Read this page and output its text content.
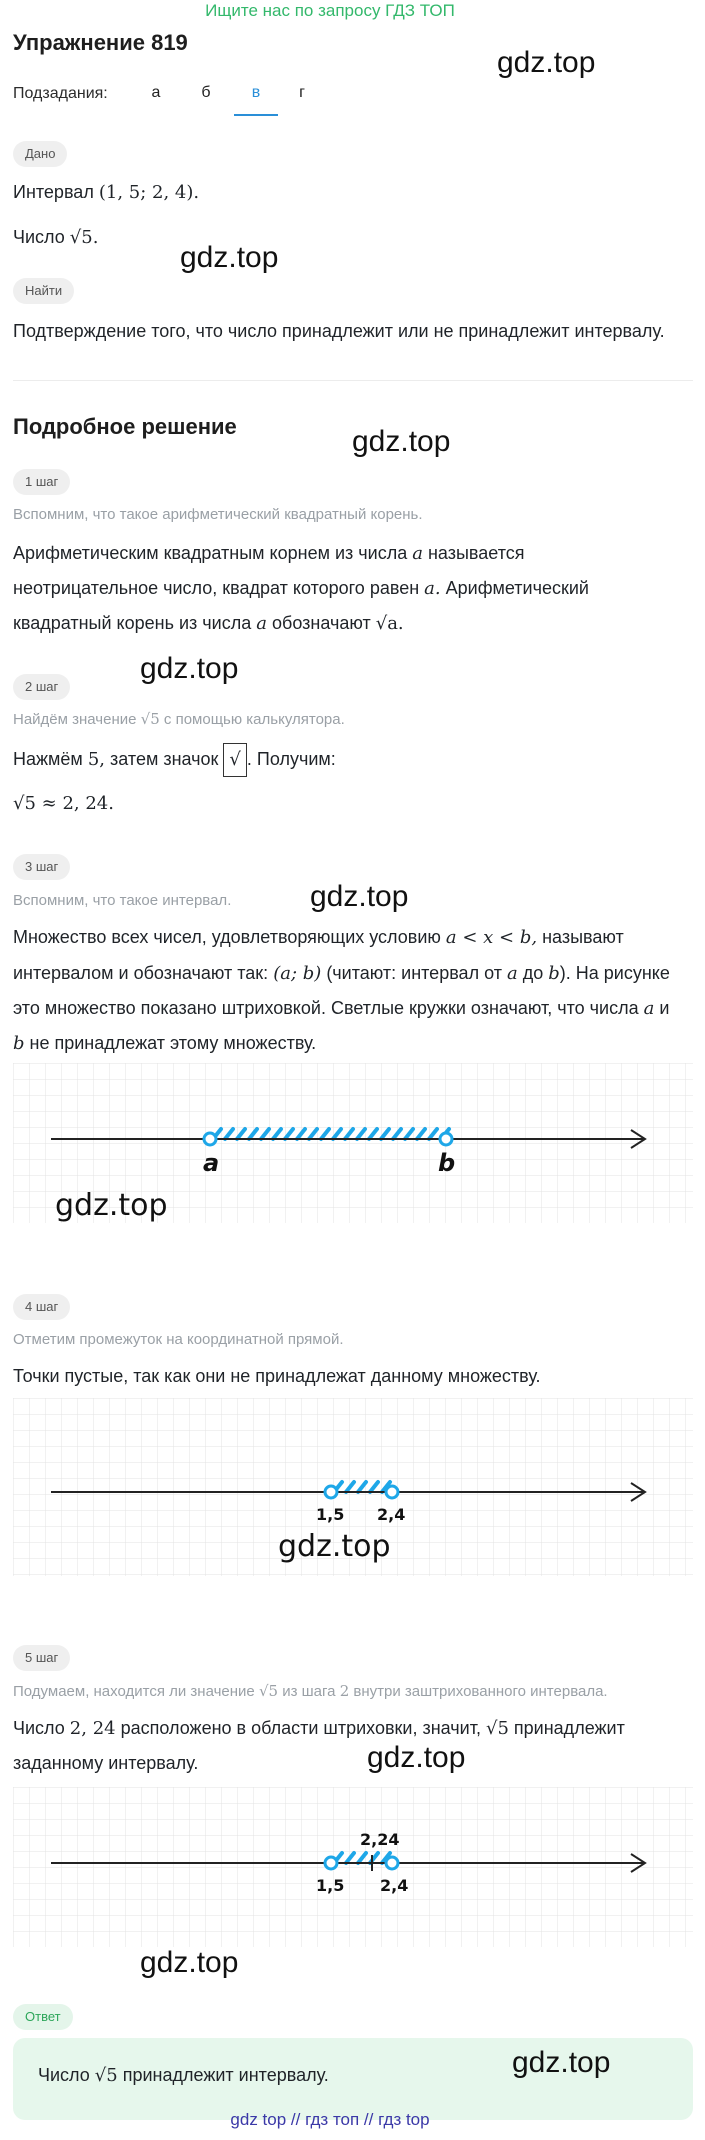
Ищите нас по запросу ГДЗ ТОП
Упражнение 819
gdz.top
Подзадания:	а	б	в	г
Дано
Интервал (1, 5; 2, 4).
Число √5.
gdz.top
Найти
Подтверждение того, что число принадлежит или не принадлежит интервалу.
Подробное решение	gdz.top
1 шаг
Вспомним, что такое арифметический квадратный корень.
Арифметическим квадратным корнем из числа a называется
неотрицательное число, квадрат которого равен a. Арифметический
квадратный корень из числа a обозначают √a.
gdz.top
2 шаг
Найдём значение √5 с помощью калькулятора.
Нажмём 5, затем значок √ . Получим:
√5 ≈ 2, 24.
3 шаг
Вспомним, что такое интервал.	gdz.top
Множество всех чисел, удовлетворяющих условию a < x < b, называют
интервалом и обозначают так: (a; b) (читают: интервал от a до b). На рисунке
это множество показано штриховкой. Светлые кружки означают, что числа a и
b не принадлежат этому множеству.
a	b
gdz.top
4 шаг
Отметим промежуток на координатной прямой.
Точки пустые, так как они не принадлежат данному множеству.
1,5 2,4
gdz.top
5 шаг
Подумаем, находится ли значение √5 из шага 2 внутри заштрихованного интервала.
Число 2, 24 расположено в области штриховки, значит, √5 принадлежит
заданному интервалу.	gdz.top
2,24
1,5 2,4
gdz.top
Ответ
Число √5 принадлежит интервалу.	gdz.top
gdz top // гдз топ // гдз top
